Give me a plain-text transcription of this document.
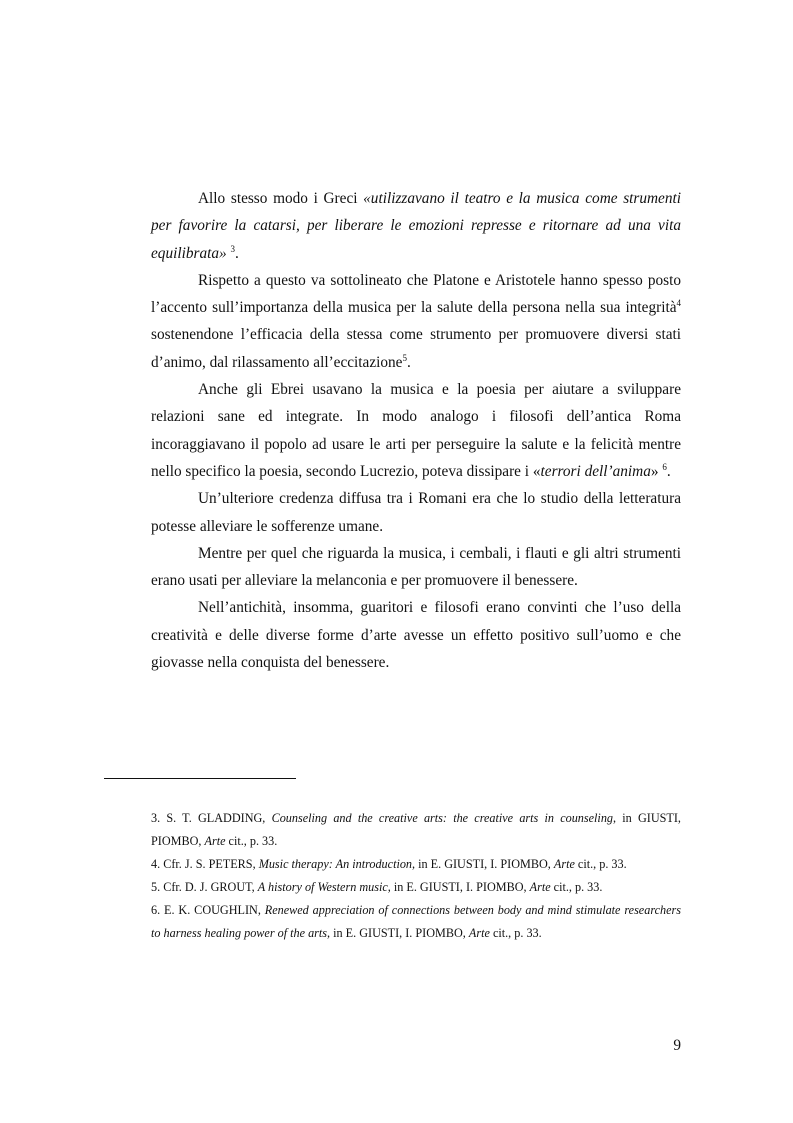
Allo stesso modo i Greci «utilizzavano il teatro e la musica come strumenti per favorire la catarsi, per liberare le emozioni represse e ritornare ad una vita equilibrata» $^3$.

Rispetto a questo va sottolineato che Platone e Aristotele hanno spesso posto l’accento sull’importanza della musica per la salute della persona nella sua integrità$^4$ sostenendone l’efficacia della stessa come strumento per promuovere diversi stati d’animo, dal rilassamento all’eccitazione$^5$.

Anche gli Ebrei usavano la musica e la poesia per aiutare a sviluppare relazioni sane ed integrate. In modo analogo i filosofi dell’antica Roma incoraggiavano il popolo ad usare le arti per perseguire la salute e la felicità mentre nello specifico la poesia, secondo Lucrezio, poteva dissipare i «terrori dell’anima» $^6$.

Un’ulteriore credenza diffusa tra i Romani era che lo studio della letteratura potesse alleviare le sofferenze umane.

Mentre per quel che riguarda la musica, i cembali, i flauti e gli altri strumenti erano usati per alleviare la melanconia e per promuovere il benessere.

Nell’antichità, insomma, guaritori e filosofi erano convinti che l’uso della creatività e delle diverse forme d’arte avesse un effetto positivo sull’uomo e che giovasse nella conquista del benessere.

3. S. T. GLADDING, Counseling and the creative arts: the creative arts in counseling, in GIUSTI, PIOMBO, Arte cit., p. 33.

4. Cfr. J. S. PETERS, Music therapy: An introduction, in E. GIUSTI, I. PIOMBO, Arte cit., p. 33.

5. Cfr. D. J. GROUT, A history of Western music, in E. GIUSTI, I. PIOMBO, Arte cit., p. 33.

6. E. K. COUGHLIN, Renewed appreciation of connections between body and mind stimulate researchers to harness healing power of the arts, in E. GIUSTI, I. PIOMBO, Arte cit., p. 33.

9
